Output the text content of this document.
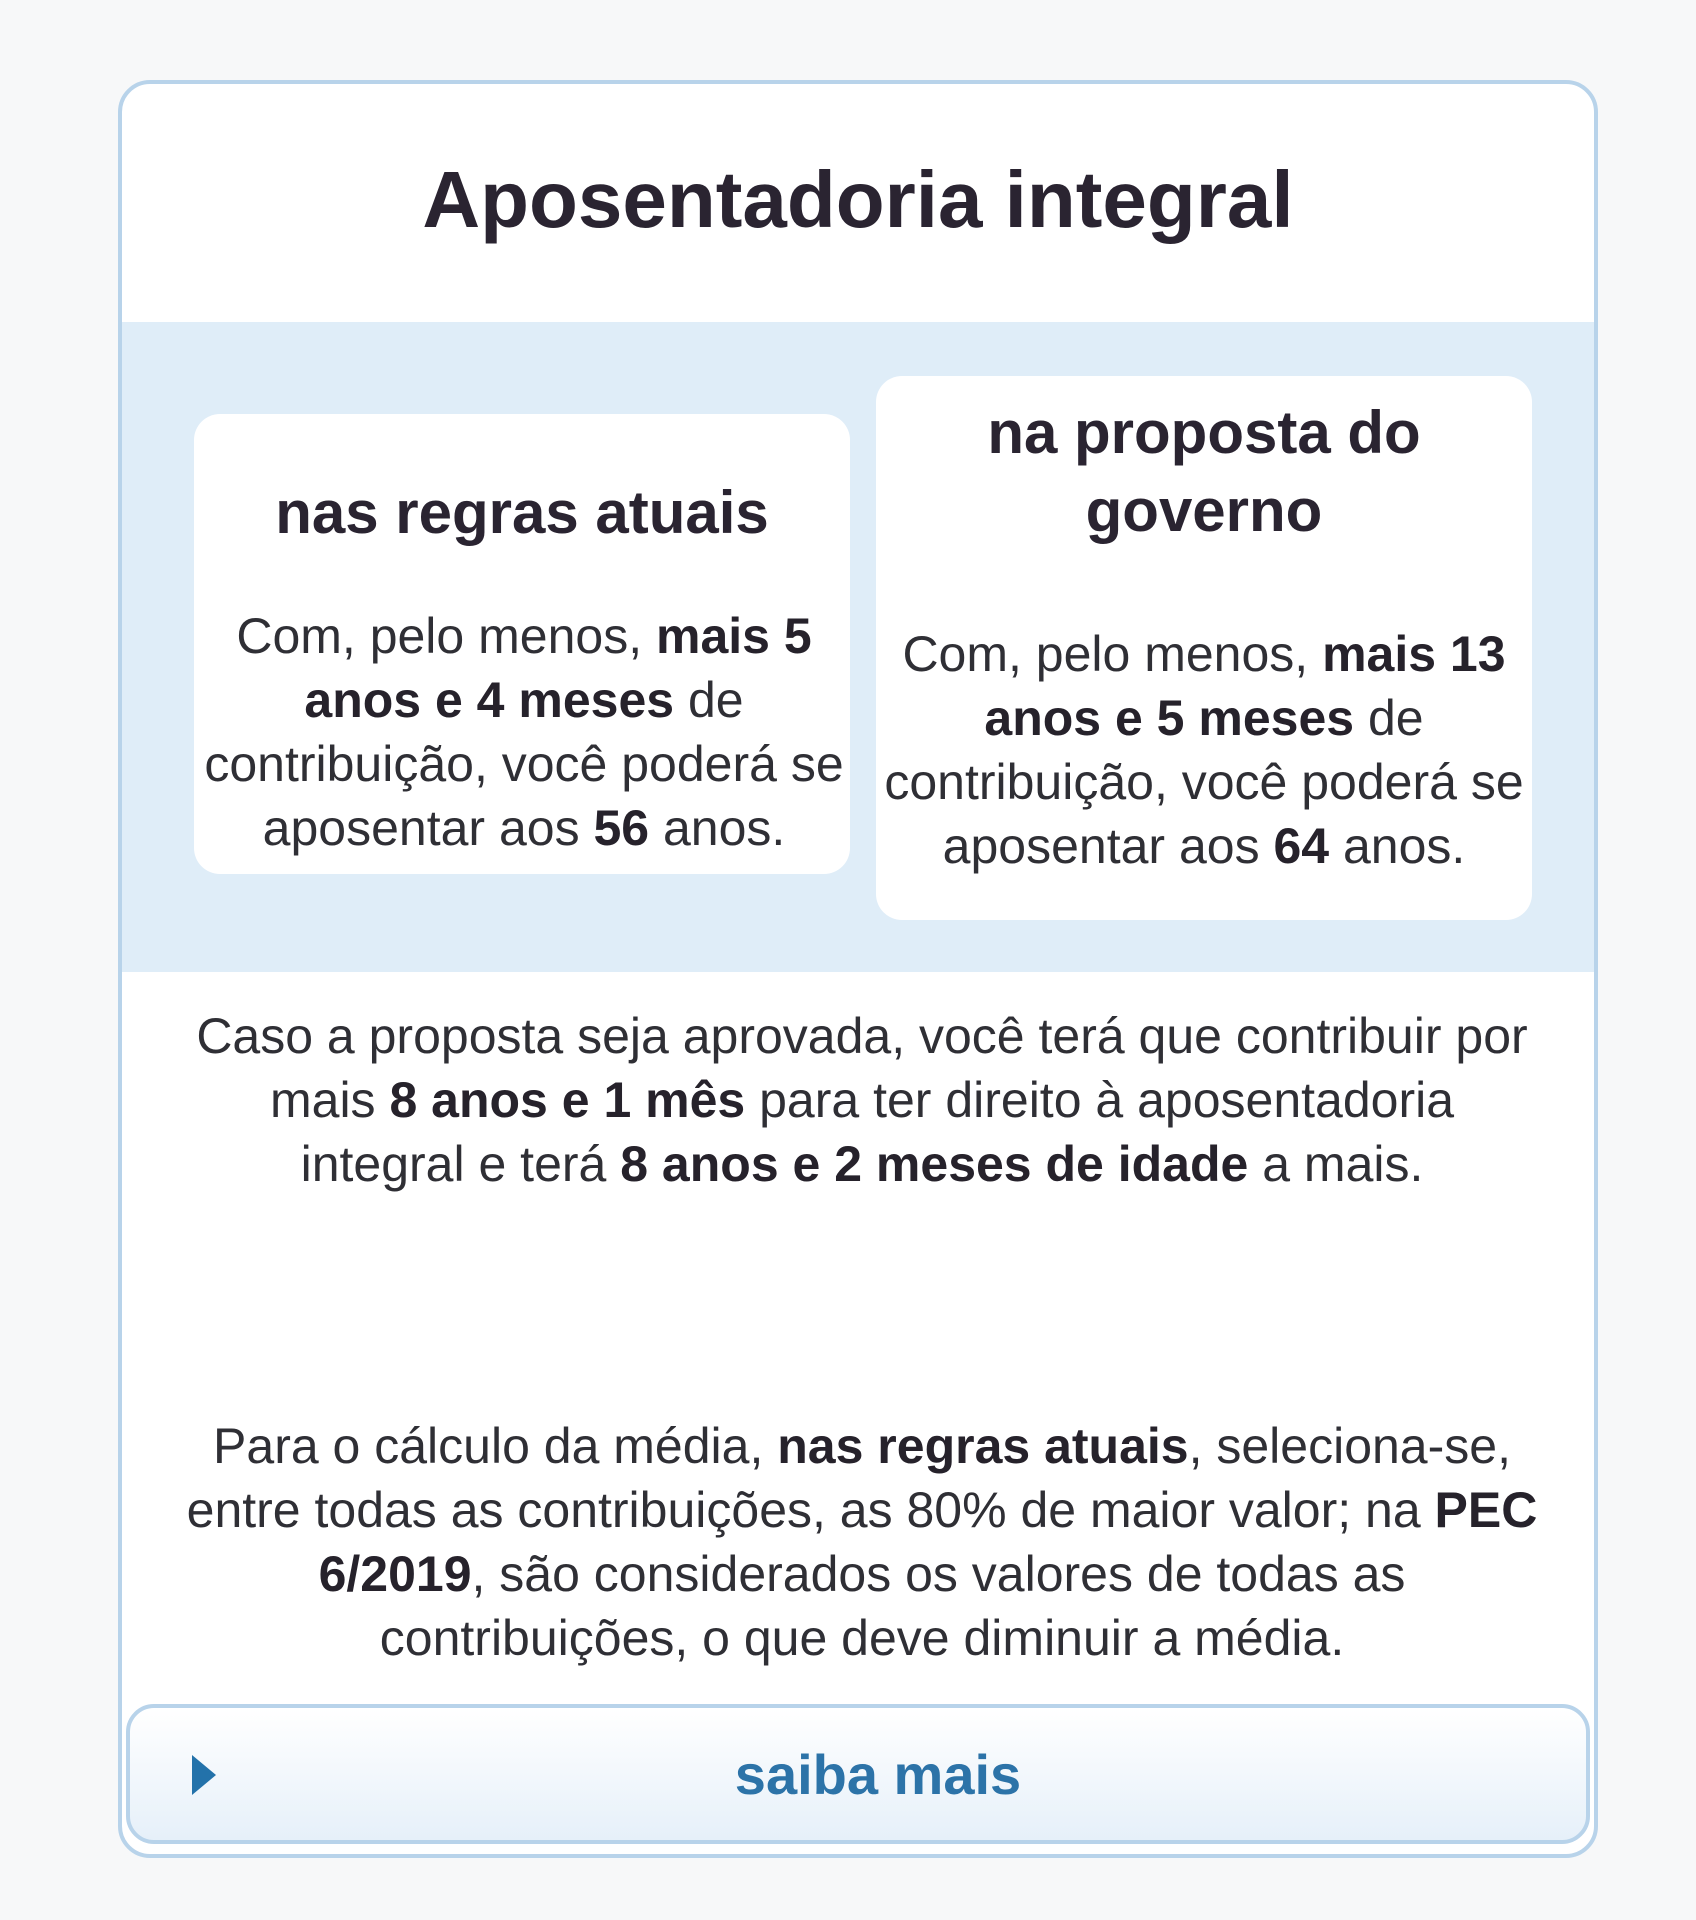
Aposentadoria integral
nas regras atuais

Com, pelo menos, mais 5 anos e 4 meses de contribuição, você poderá se aposentar aos 56 anos.

na proposta do governo

Com, pelo menos, mais 13 anos e 5 meses de contribuição, você poderá se aposentar aos 64 anos.

Caso a proposta seja aprovada, você terá que contribuir por mais 8 anos e 1 mês para ter direito à aposentadoria integral e terá 8 anos e 2 meses de idade a mais.
Para o cálculo da média, nas regras atuais, seleciona-se, entre todas as contribuições, as 80% de maior valor; na PEC 6/2019, são considerados os valores de todas as contribuições, o que deve diminuir a média.
saiba mais
